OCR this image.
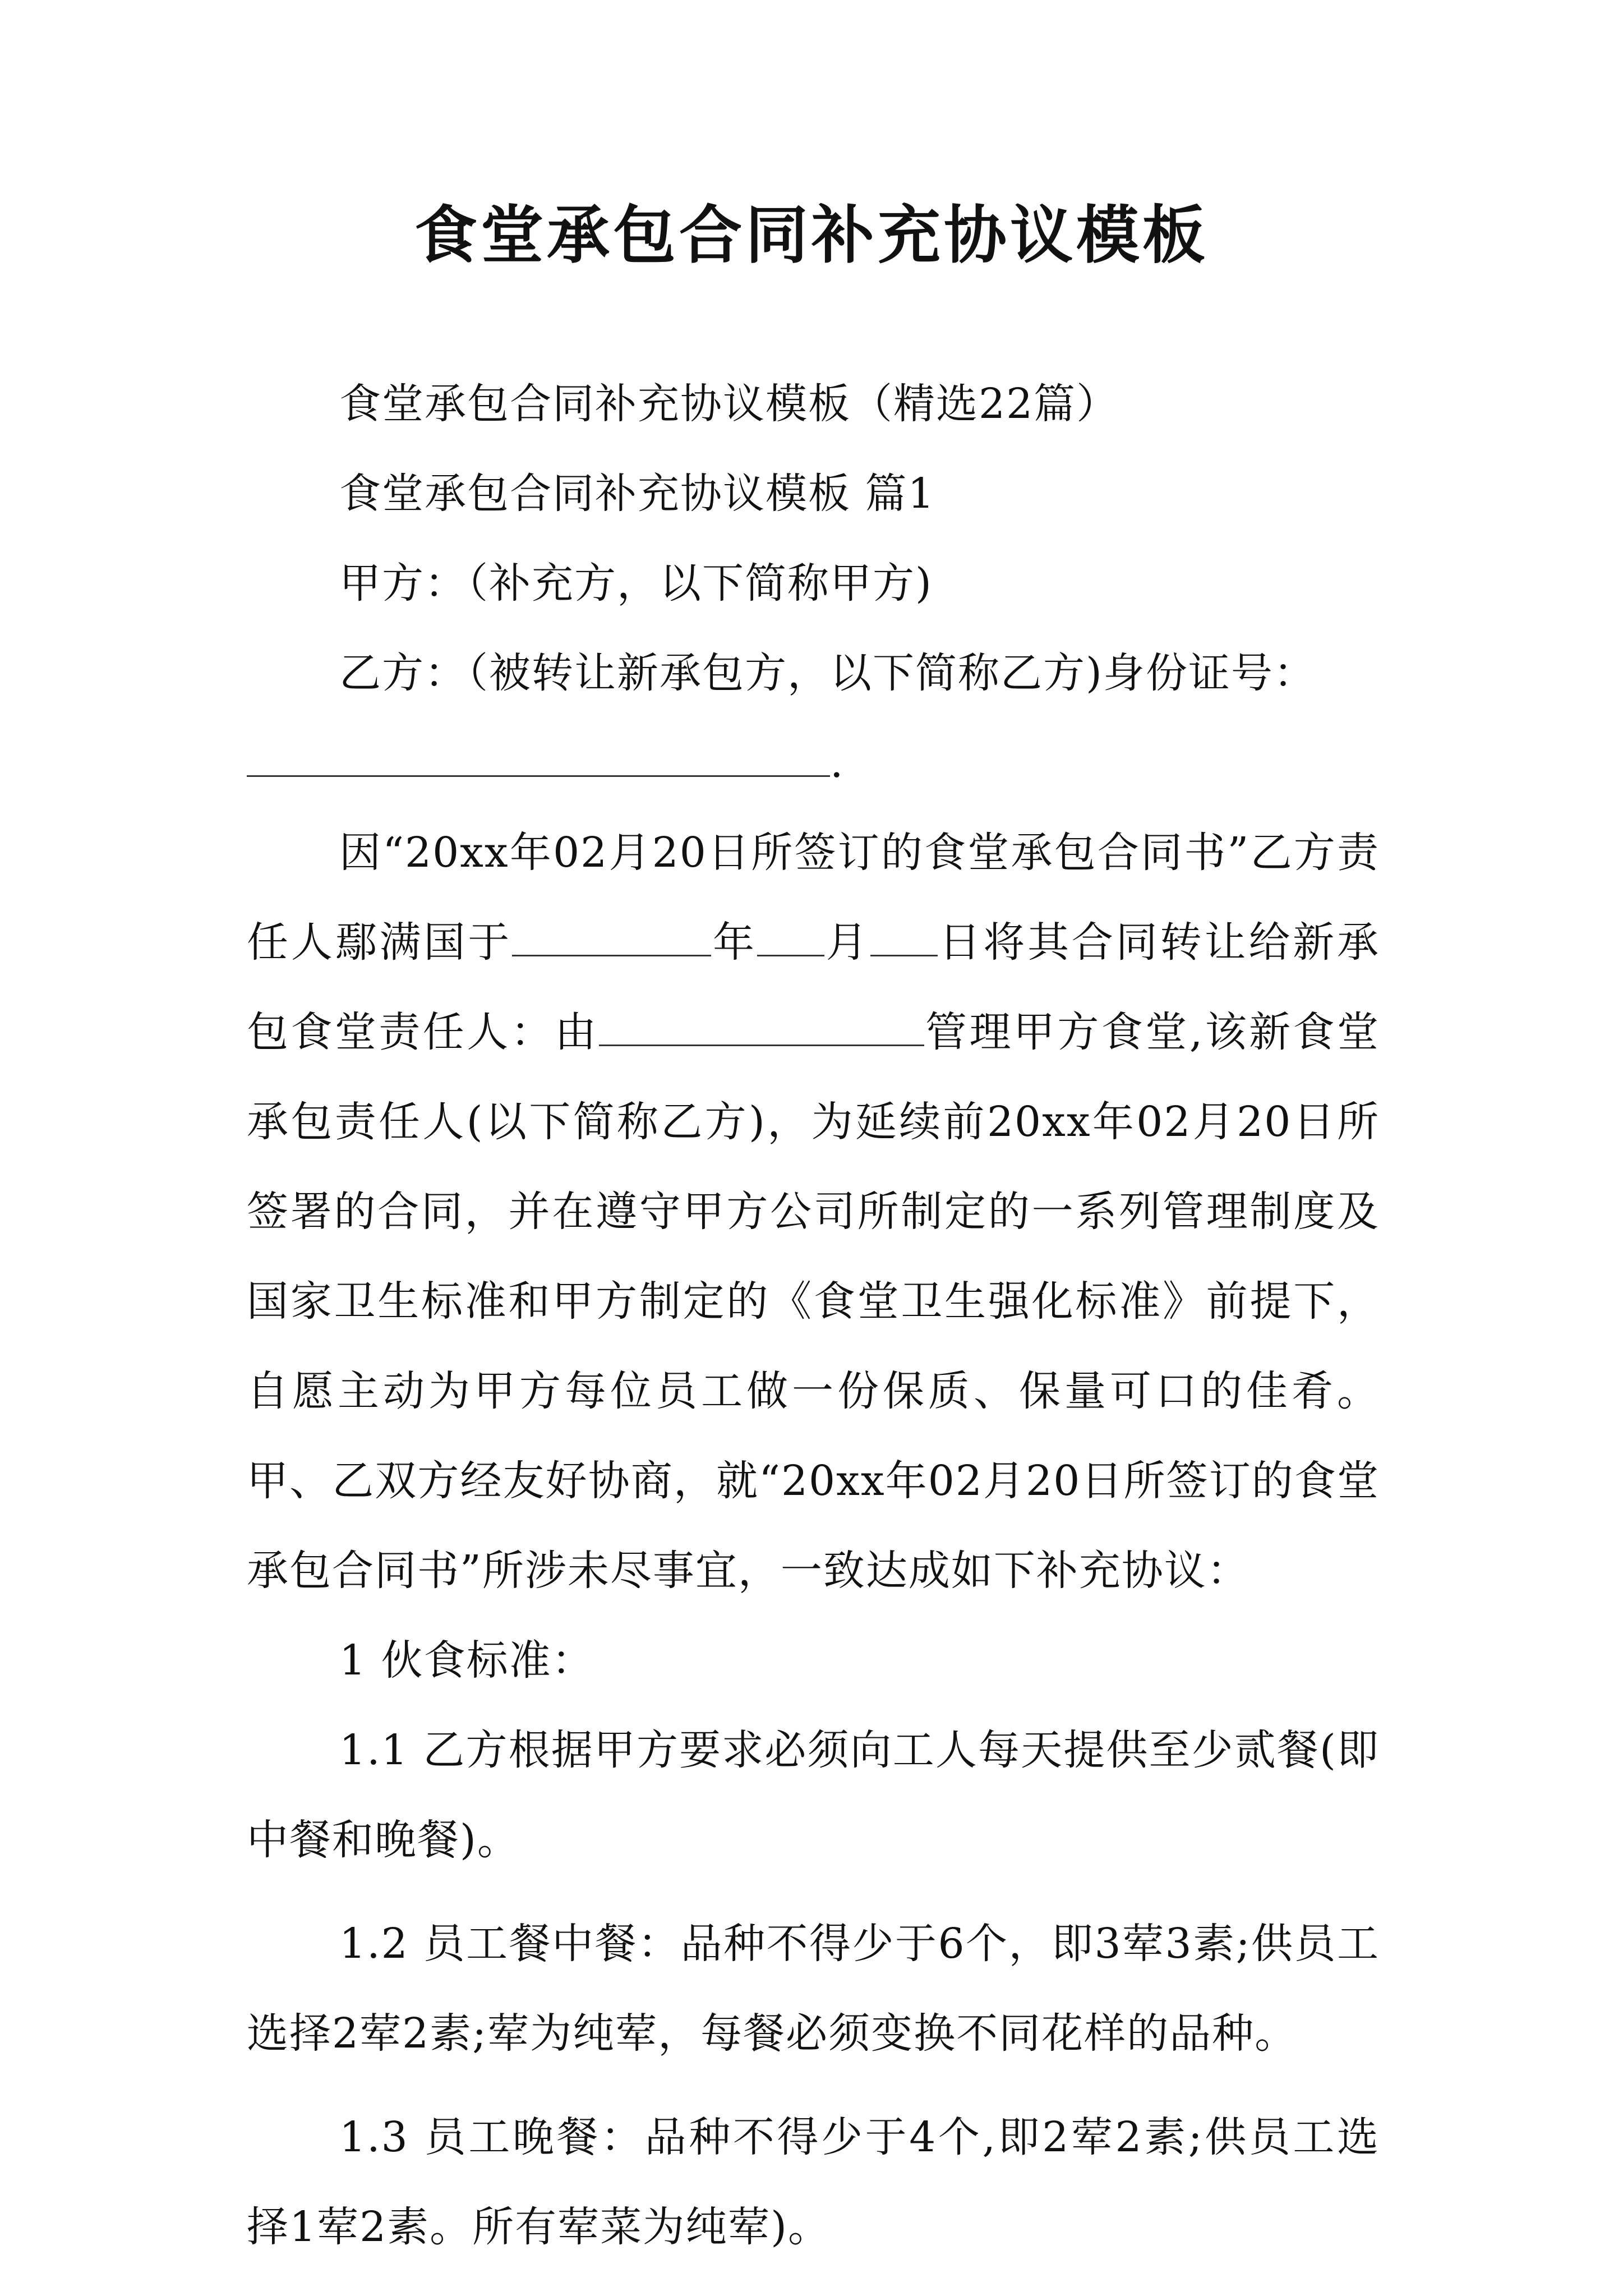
食堂承包合同补充协议模板
食堂承包合同补充协议模板（精选22篇）
食堂承包合同补充协议模板 篇1
甲方：（补充方，以下简称甲方)
乙方：（被转让新承包方，以下简称乙方)身份证号：
.

因“20xx年02月20日所签订的食堂承包合同书”乙方责任人鄢满国于	年 月 日将其合同转让给新承包食堂责任人：由	管理甲方食堂,该新食堂承包责任人(以下简称乙方)，为延续前20xx年02月20日所签署的合同，并在遵守甲方公司所制定的一系列管理制度及国家卫生标准和甲方制定的《食堂卫生强化标准》前提下，自愿主动为甲方每位员工做一份保质、保量可口的佳肴。甲、乙双方经友好协商，就“20xx年02月20日所签订的食堂承包合同书”所涉未尽事宜，一致达成如下补充协议：

1 伙食标准：

1.1 乙方根据甲方要求必须向工人每天提供至少贰餐(即中餐和晚餐)。

1.2 员工餐中餐：品种不得少于6个，即3荤3素;供员工选择2荤2素;荤为纯荤，每餐必须变换不同花样的品种。

1.3 员工晚餐：品种不得少于4个,即2荤2素;供员工选择1荤2素。所有荤菜为纯荤)。
